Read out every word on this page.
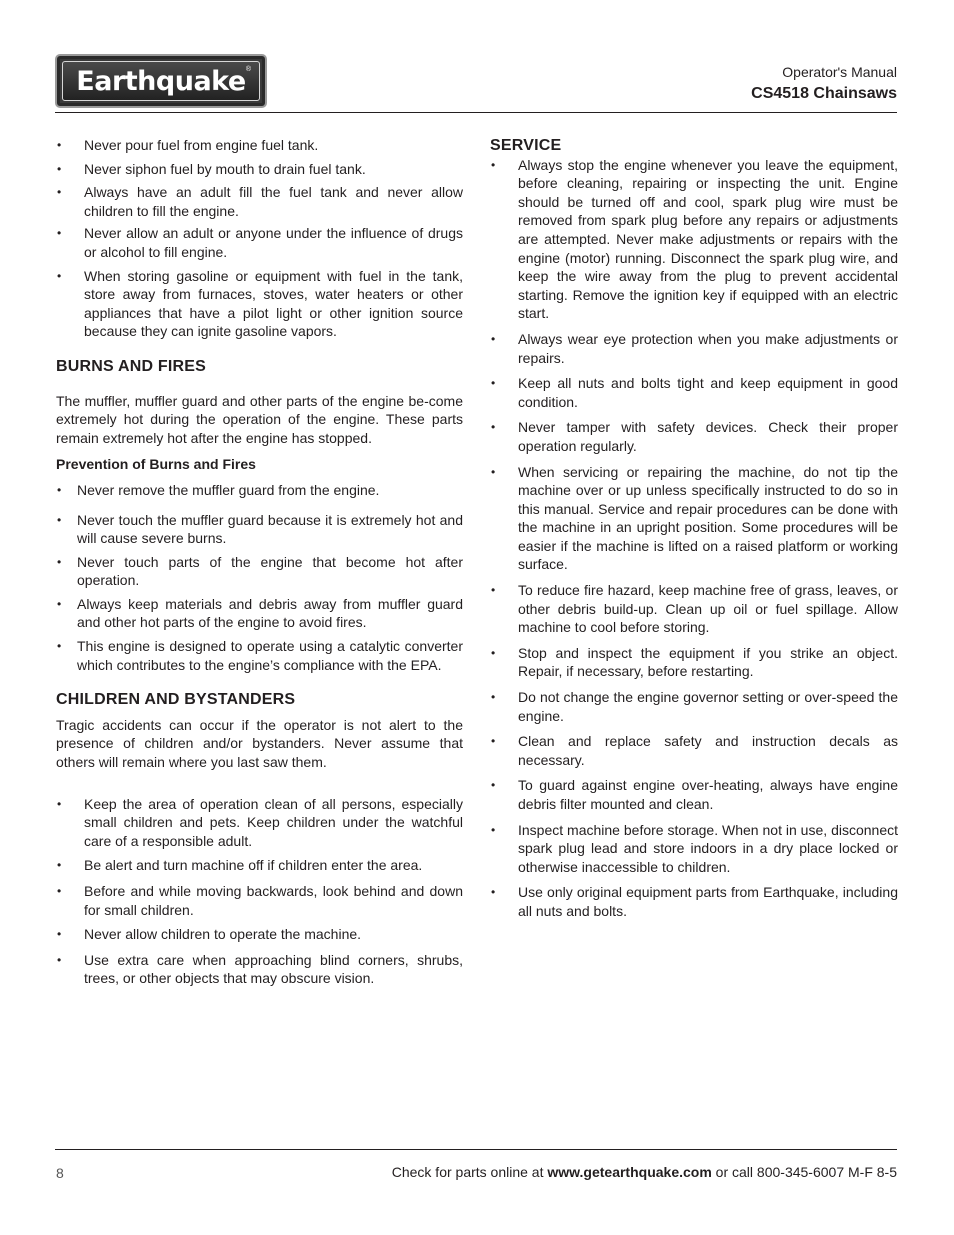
Earthquake ®	Operator's Manual
CS4518 Chainsaws
• Never pour fuel from engine fuel tank.
• Never siphon fuel by mouth to drain fuel tank.
• Always have an adult fill the fuel tank and never allow children to fill the engine.
• Never allow an adult or anyone under the influence of drugs or alcohol to fill engine.
• When storing gasoline or equipment with fuel in the tank, store away from furnaces, stoves, water heaters or other appliances that have a pilot light or other ignition source because they can ignite gasoline vapors.
BURNS AND FIRES

The muffler, muffler guard and other parts of the engine be-come extremely hot during the operation of the engine. These parts remain extremely hot after the engine has stopped.

Prevention of Burns and Fires
• Never remove the muffler guard from the engine.
• Never touch the muffler guard because it is extremely hot and will cause severe burns.
• Never touch parts of the engine that become hot after operation.
• Always keep materials and debris away from muffler guard and other hot parts of the engine to avoid fires.
• This engine is designed to operate using a catalytic converter which contributes to the engine’s compliance with the EPA.
CHILDREN AND BYSTANDERS

Tragic accidents can occur if the operator is not alert to the presence of children and/or bystanders. Never assume that others will remain where you last saw them.

• Keep the area of operation clean of all persons, especially small children and pets. Keep children under the watchful care of a responsible adult.
• Be alert and turn machine off if children enter the area.
• Before and while moving backwards, look behind and down for small children.
• Never allow children to operate the machine.
• Use extra care when approaching blind corners, shrubs, trees, or other objects that may obscure vision.
SERVICE
• Always stop the engine whenever you leave the equipment, before cleaning, repairing or inspecting the unit. Engine should be turned off and cool, spark plug wire must be removed from spark plug before any repairs or adjustments are attempted. Never make adjustments or repairs with the engine (motor) running. Disconnect the spark plug wire, and keep the wire away from the plug to prevent accidental starting. Remove the ignition key if equipped with an electric start.
• Always wear eye protection when you make adjustments or repairs.
• Keep all nuts and bolts tight and keep equipment in good condition.
• Never tamper with safety devices. Check their proper operation regularly.
• When servicing or repairing the machine, do not tip the machine over or up unless specifically instructed to do so in this manual. Service and repair procedures can be done with the machine in an upright position. Some procedures will be easier if the machine is lifted on a raised platform or working surface.
• To reduce fire hazard, keep machine free of grass, leaves, or other debris build-up. Clean up oil or fuel spillage. Allow machine to cool before storing.
• Stop and inspect the equipment if you strike an object. Repair, if necessary, before restarting.
• Do not change the engine governor setting or over-speed the engine.
• Clean and replace safety and instruction decals as necessary.
• To guard against engine over-heating, always have engine debris filter mounted and clean.
• Inspect machine before storage. When not in use, disconnect spark plug lead and store indoors in a dry place locked or otherwise inaccessible to children.
• Use only original equipment parts from Earthquake, including all nuts and bolts.
8	Check for parts online at www.getearthquake.com or call 800-345-6007 M-F 8-5
